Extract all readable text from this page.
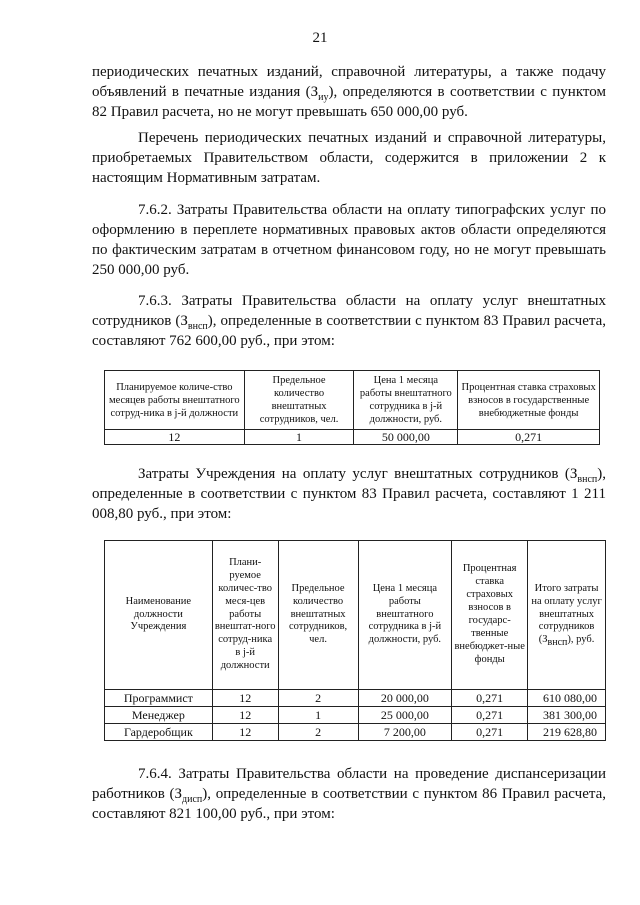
21

периодических печатных изданий, справочной литературы, а также подачу объявлений в печатные издания $(З_{иу})$, определяются в соответствии с пунктом 82 Правил расчета, но не могут превышать 650 000,00 руб.

Перечень периодических печатных изданий и справочной литературы, приобретаемых Правительством области, содержится в приложении 2 к настоящим Нормативным затратам.

7.6.2. Затраты Правительства области на оплату типографских услуг по оформлению в переплете нормативных правовых актов области определяются по фактическим затратам в отчетном финансовом году, но не могут превышать 250 000,00 руб.

7.6.3. Затраты Правительства области на оплату услуг внештатных сотрудников $(З_{внсп})$, определенные в соответствии с пунктом 83 Правил расчета, составляют 762 600,00 руб., при этом:

Планируемое количе-ство месяцев работы внештатного сотруд-ника в j-й должности	Предельное количество внештатных сотрудников, чел.	Цена 1 месяца работы внештатного сотрудника в j-й должности, руб.	Процентная ставка страховых взносов в государственные внебюджетные фонды
12	1	50 000,00	0,271

Затраты Учреждения на оплату услуг внештатных сотрудников $(З_{внсп})$, определенные в соответствии с пунктом 83 Правил расчета, составляют 1 211 008,80 руб., при этом:

Наименование должности Учреждения	Плани-руемое количес-тво меся-цев работы внештат-ного сотруд-ника в j-й должности	Предельное количество внештатных сотрудников, чел.	Цена 1 месяца работы внештатного сотрудника в j-й должности, руб.	Процентная ставка страховых взносов в государс-твенные внебюджет-ные фонды	Итого затраты на оплату услуг внештатных сотрудников $(З_{внсп})$, руб.
Программист	12	2	20 000,00	0,271	610 080,00
Менеджер	12	1	25 000,00	0,271	381 300,00
Гардеробщик	12	2	7 200,00	0,271	219 628,80

7.6.4. Затраты Правительства области на проведение диспансеризации работников $(З_{дисп})$, определенные в соответствии с пунктом 86 Правил расчета, составляют 821 100,00 руб., при этом:
